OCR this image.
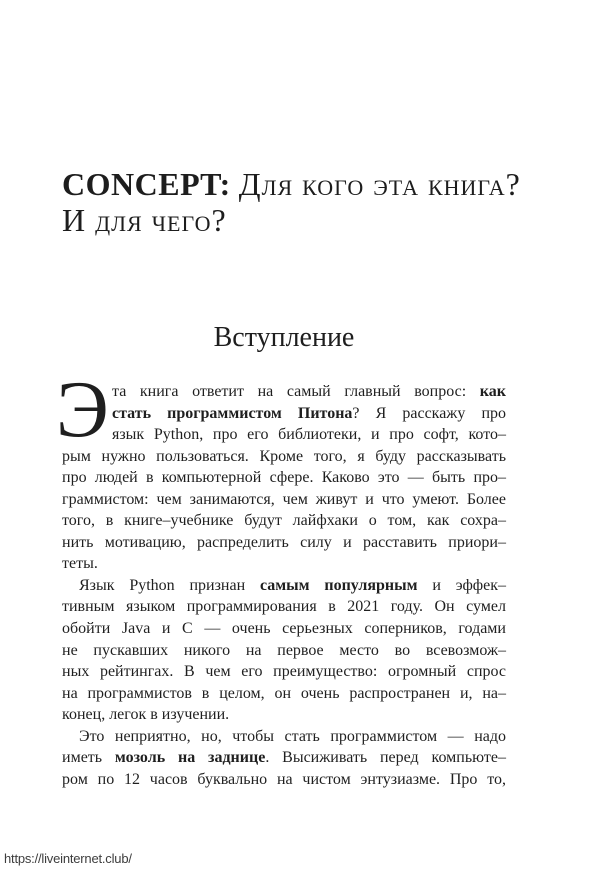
CONCEPT: Для кого эта книга?
И для чего?
Вступление
Э та книга ответит на самый главный вопрос: как
стать программистом Питона? Я расскажу про
язык Python, про его библиотеки, и про софт, кото–
рым нужно пользоваться. Кроме того, я буду рассказывать
про людей в компьютерной сфере. Каково это — быть про–
граммистом: чем занимаются, чем живут и что умеют. Более
того, в книге–учебнике будут лайфхаки о том, как сохра–
нить мотивацию, распределить силу и расставить приори–
теты.
Язык Python признан самым популярным и эффек–
тивным языком программирования в 2021 году. Он сумел
обойти Java и C — очень серьезных соперников, годами
не пускавших никого на первое место во всевозмож–
ных рейтингах. В чем его преимущество: огромный спрос
на программистов в целом, он очень распространен и, на–
конец, легок в изучении.
Это неприятно, но, чтобы стать программистом — надо
иметь мозоль на заднице. Высиживать перед компьюте–
ром по 12 часов буквально на чистом энтузиазме. Про то,
https://liveinternet.club/
